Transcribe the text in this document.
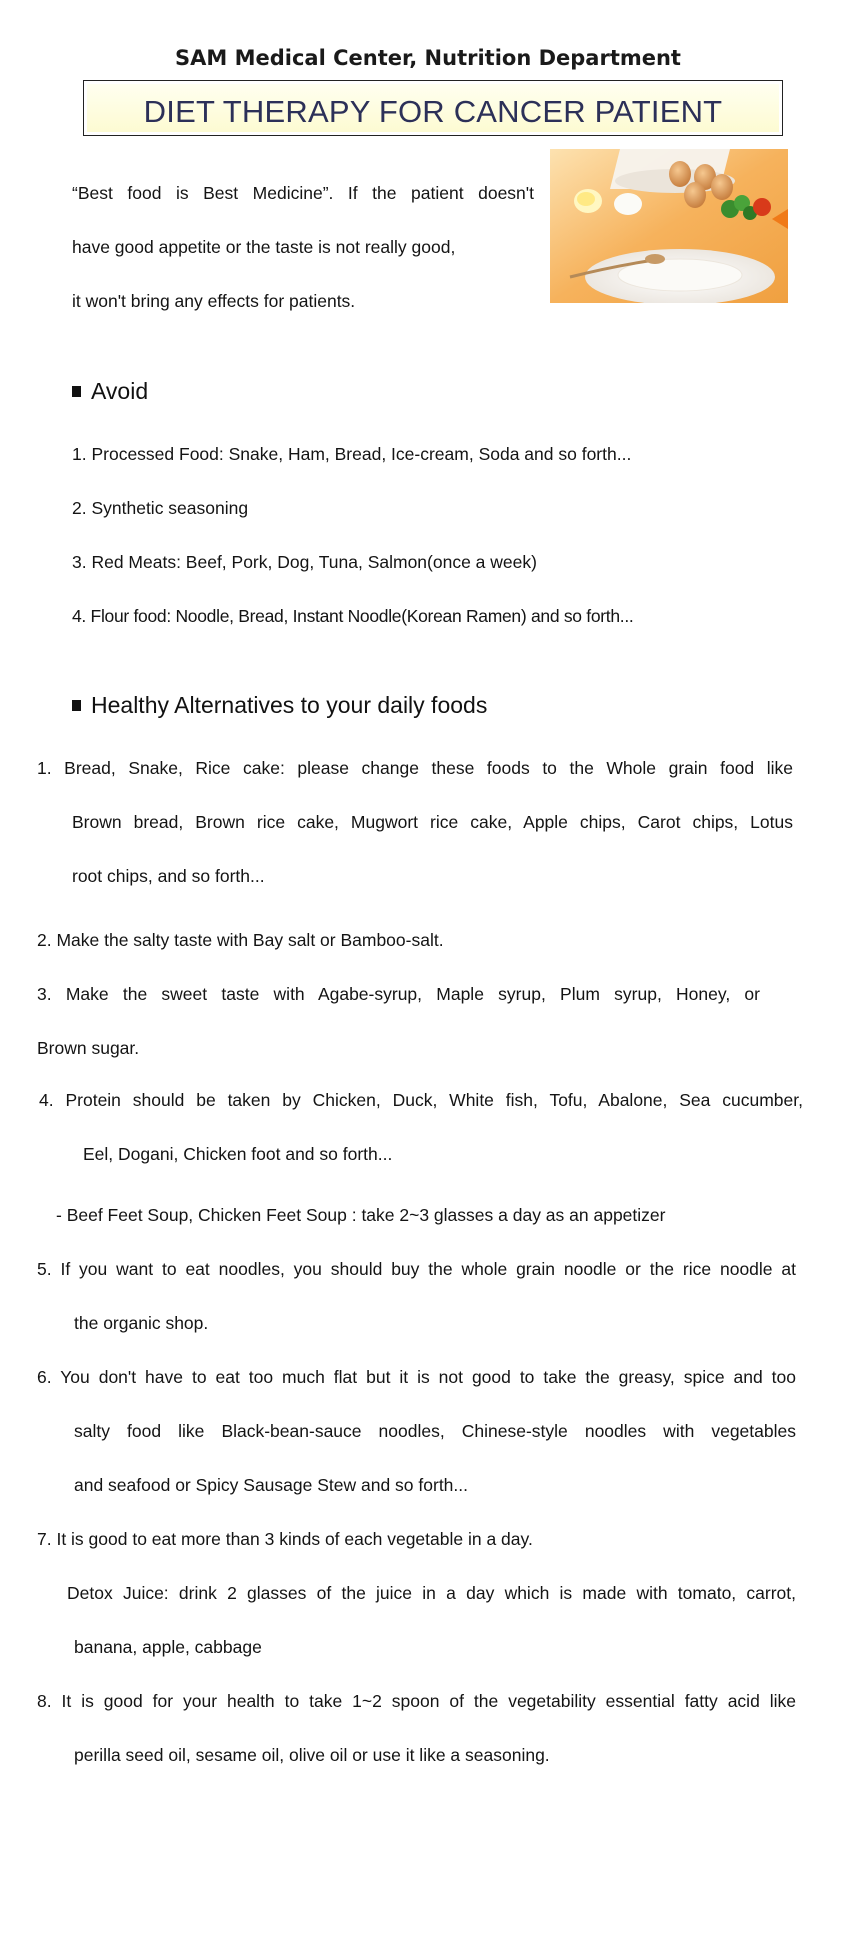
SAM Medical Center, Nutrition Department
DIET THERAPY FOR CANCER PATIENT
“Best food is Best Medicine”. If the patient doesn't
have good appetite or the taste is not really good,
it won't bring any effects for patients.
Avoid
1. Processed Food: Snake, Ham, Bread, Ice-cream, Soda and so forth...
2. Synthetic seasoning
3. Red Meats: Beef, Pork, Dog, Tuna, Salmon(once a week)
4. Flour food: Noodle, Bread, Instant Noodle(Korean Ramen) and so forth...
Healthy Alternatives to your daily foods
1. Bread, Snake, Rice cake: please change these foods to the Whole grain food like
Brown bread, Brown rice cake, Mugwort rice cake, Apple chips, Carot chips, Lotus
root chips, and so forth...
2. Make the salty taste with Bay salt or Bamboo-salt.
3. Make the sweet taste with Agabe-syrup, Maple syrup, Plum syrup, Honey, or
Brown sugar.
4. Protein should be taken by Chicken, Duck, White fish, Tofu, Abalone, Sea cucumber,
Eel, Dogani, Chicken foot and so forth...
- Beef Feet Soup, Chicken Feet Soup : take 2~3 glasses a day as an appetizer
5. If you want to eat noodles, you should buy the whole grain noodle or the rice noodle at
the organic shop.
6. You don't have to eat too much flat but it is not good to take the greasy, spice and too
salty food like Black-bean-sauce noodles, Chinese-style noodles with vegetables
and seafood or Spicy Sausage Stew and so forth...
7. It is good to eat more than 3 kinds of each vegetable in a day.
Detox Juice: drink 2 glasses of the juice in a day which is made with tomato, carrot,
banana, apple, cabbage
8. It is good for your health to take 1~2 spoon of the vegetability essential fatty acid like
perilla seed oil, sesame oil, olive oil or use it like a seasoning.
